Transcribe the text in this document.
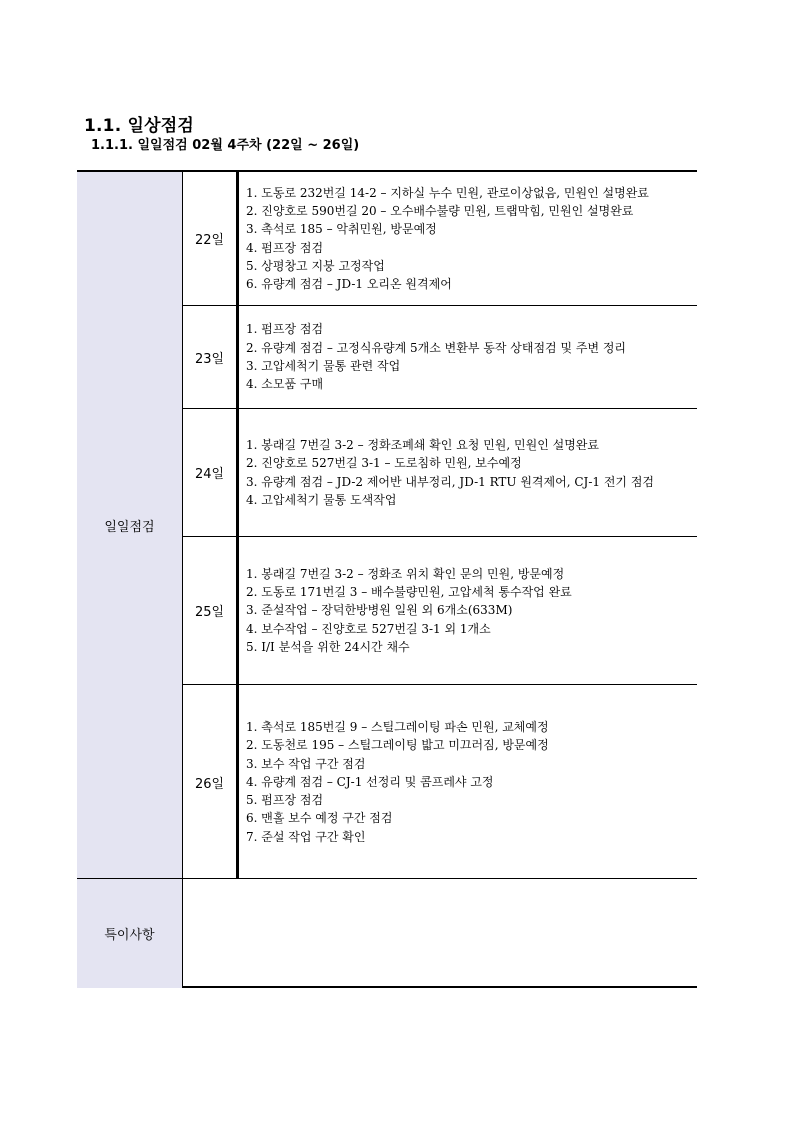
1.1. 일상점검
1.1.1. 일일점검 02월 4주차 (22일 ~ 26일)
일일점검
22일
1. 도동로 232번길 14-2 – 지하실 누수 민원, 관로이상없음, 민원인 설명완료
2. 진양호로 590번길 20 – 오수배수불량 민원, 트랩막힘, 민원인 설명완료
3. 촉석로 185 – 악취민원, 방문예정
4. 펌프장 점검
5. 상평창고 지붕 고정작업
6. 유량계 점검 – JD-1 오리온 원격제어
23일
1. 펌프장 점검
2. 유량계 점검 – 고정식유량계 5개소 변환부 동작 상태점검 및 주변 정리
3. 고압세척기 물통 관련 작업
4. 소모품 구매
24일
1. 봉래길 7번길 3-2 – 정화조폐쇄 확인 요청 민원, 민원인 설명완료
2. 진양호로 527번길 3-1 – 도로침하 민원, 보수예정
3. 유량계 점검 – JD-2 제어반 내부정리, JD-1 RTU 원격제어, CJ-1 전기 점검
4. 고압세척기 물통 도색작업
25일
1. 봉래길 7번길 3-2 – 정화조 위치 확인 문의 민원, 방문예정
2. 도동로 171번길 3 – 배수불량민원, 고압세척 통수작업 완료
3. 준설작업 – 장덕한방병원 일원 외 6개소(633M)
4. 보수작업 – 진양호로 527번길 3-1 외 1개소
5. I/I 분석을 위한 24시간 채수
26일
1. 촉석로 185번길 9 – 스틸그레이팅 파손 민원, 교체예정
2. 도동천로 195 – 스틸그레이팅 밟고 미끄러짐, 방문예정
3. 보수 작업 구간 점검
4. 유량계 점검 – CJ-1 선정리 및 콤프레샤 고정
5. 펌프장 점검
6. 맨홀 보수 예정 구간 점검
7. 준설 작업 구간 확인
특이사항
